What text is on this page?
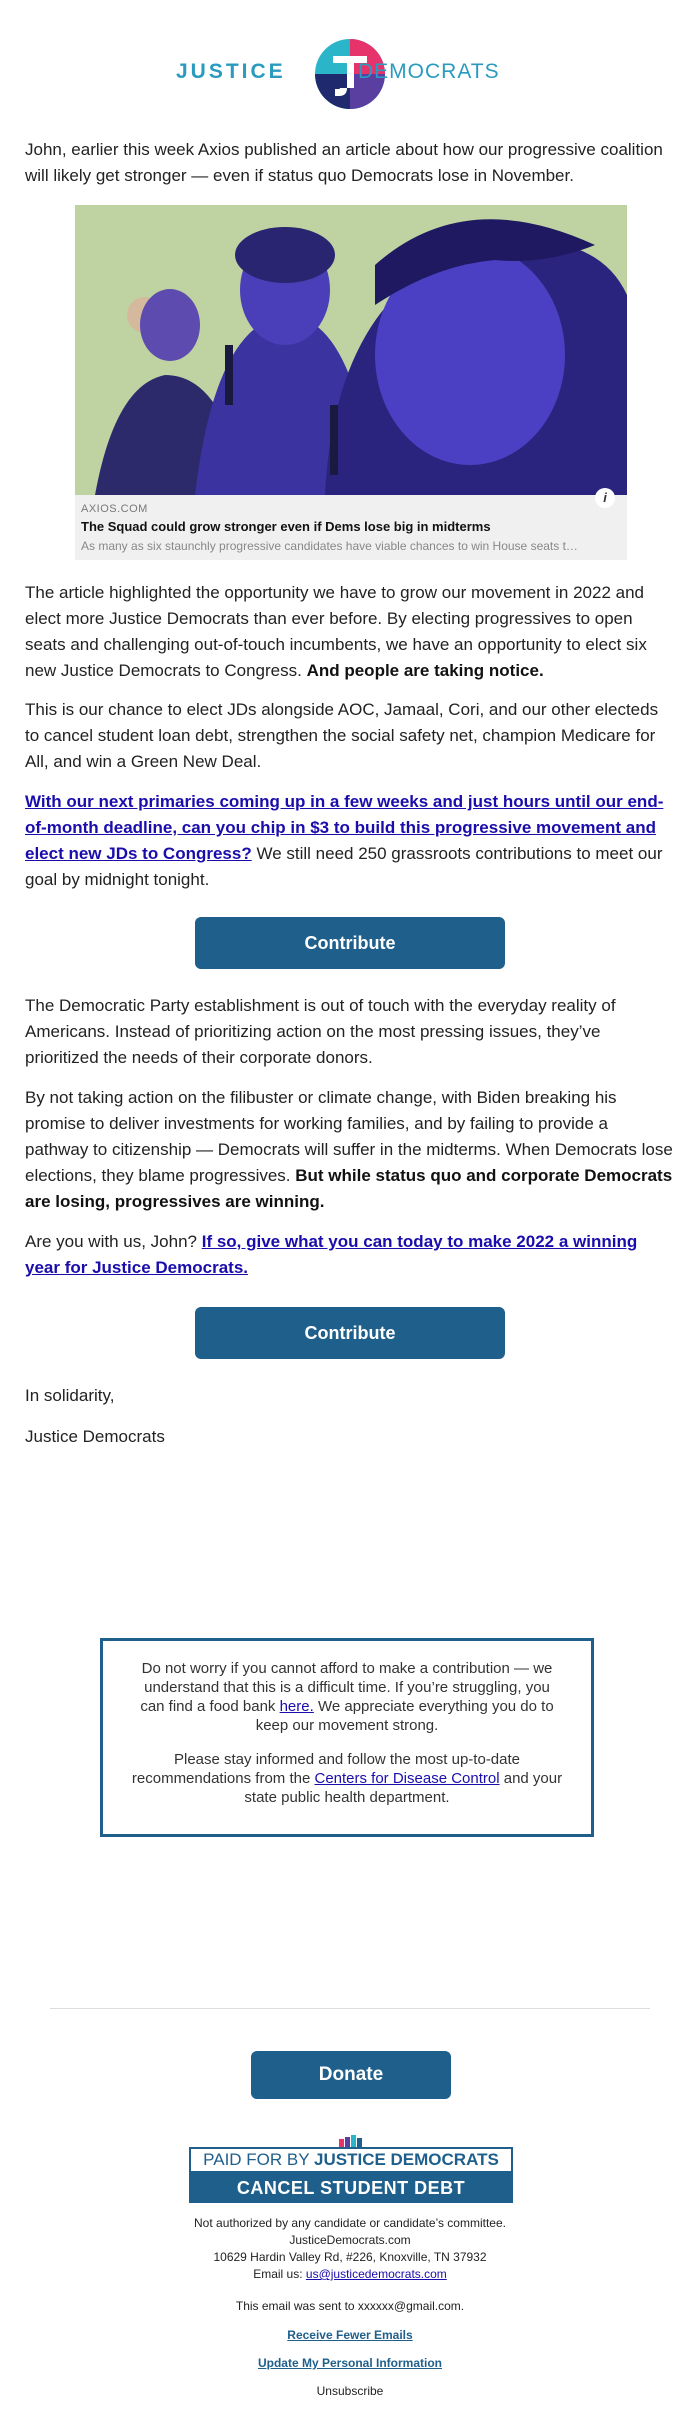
JUSTICE	DEMOCRATS

John, earlier this week Axios published an article about how our progressive coalition will likely get stronger — even if status quo Democrats lose in November.

i
AXIOS.COM
The Squad could grow stronger even if Dems lose big in midterms
As many as six staunchly progressive candidates have viable chances to win House seats t…

The article highlighted the opportunity we have to grow our movement in 2022 and elect more Justice Democrats than ever before. By electing progressives to open seats and challenging out-of-touch incumbents, we have an opportunity to elect six new Justice Democrats to Congress. And people are taking notice.

This is our chance to elect JDs alongside AOC, Jamaal, Cori, and our other electeds to cancel student loan debt, strengthen the social safety net, champion Medicare for All, and win a Green New Deal.

With our next primaries coming up in a few weeks and just hours until our end-of-month deadline, can you chip in $3 to build this progressive movement and elect new JDs to Congress? We still need 250 grassroots contributions to meet our goal by midnight tonight.

Contribute

The Democratic Party establishment is out of touch with the everyday reality of Americans. Instead of prioritizing action on the most pressing issues, they’ve prioritized the needs of their corporate donors.

By not taking action on the filibuster or climate change, with Biden breaking his promise to deliver investments for working families, and by failing to provide a pathway to citizenship — Democrats will suffer in the midterms. When Democrats lose elections, they blame progressives. But while status quo and corporate Democrats are losing, progressives are winning.

Are you with us, John? If so, give what you can today to make 2022 a winning year for Justice Democrats.

Contribute

In solidarity,

Justice Democrats

Do not worry if you cannot afford to make a contribution — we understand that this is a difficult time. If you’re struggling, you can find a food bank here. We appreciate everything you do to keep our movement strong.

Please stay informed and follow the most up-to-date recommendations from the Centers for Disease Control and your state public health department.

Donate
PAID FOR BY JUSTICE DEMOCRATS
CANCEL STUDENT DEBT
Not authorized by any candidate or candidate’s committee.
JusticeDemocrats.com
10629 Hardin Valley Rd, #226, Knoxville, TN 37932
Email us: us@justicedemocrats.com
This email was sent to xxxxxx@gmail.com.
Receive Fewer Emails
Update My Personal Information
Unsubscribe
